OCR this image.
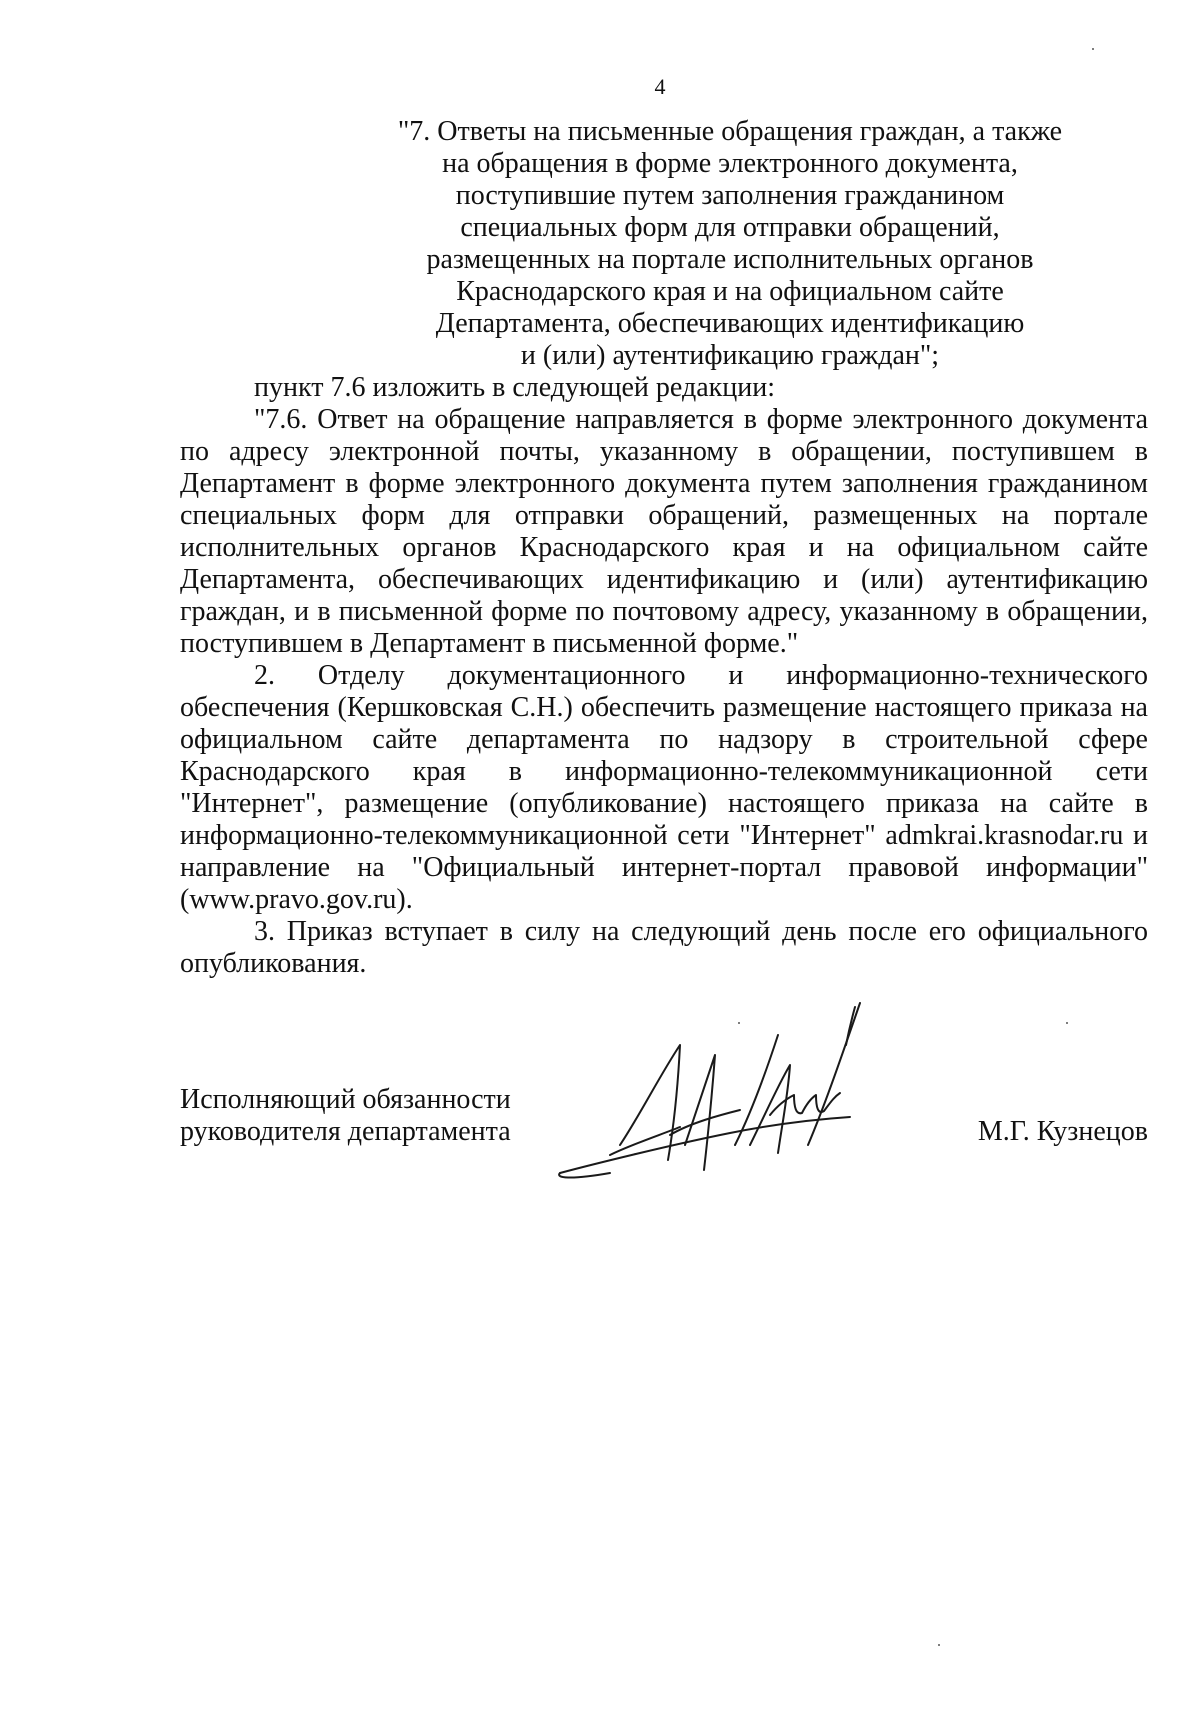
4
"7. Ответы на письменные обращения граждан, а также
на обращения в форме электронного документа,
поступившие путем заполнения гражданином
специальных форм для отправки обращений,
размещенных на портале исполнительных органов
Краснодарского края и на официальном сайте
Департамента, обеспечивающих идентификацию
и (или) аутентификацию граждан";

пункт 7.6 изложить в следующей редакции:

"7.6. Ответ на обращение направляется в форме электронного документа по адресу электронной почты, указанному в обращении, поступившем в Департамент в форме электронного документа путем заполнения гражданином специальных форм для отправки обращений, размещенных на портале исполнительных органов Краснодарского края и на официальном сайте Департамента, обеспечивающих идентификацию и (или) аутентификацию граждан, и в письменной форме по почтовому адресу, указанному в обращении, поступившем в Департамент в письменной форме."

2. Отделу документационного и информационно-технического обеспечения (Кершковская С.Н.) обеспечить размещение настоящего приказа на официальном сайте департамента по надзору в строительной сфере Краснодарского края в информационно-телекоммуникационной сети "Интернет", размещение (опубликование) настоящего приказа на сайте в информационно-телекоммуникационной сети "Интернет" admkrai.krasnodar.ru и направление на "Официальный интернет-портал правовой информации" (www.pravo.gov.ru).

3. Приказ вступает в силу на следующий день после его официального опубликования.

Исполняющий обязанности
руководителя департамента	М.Г. Кузнецов
